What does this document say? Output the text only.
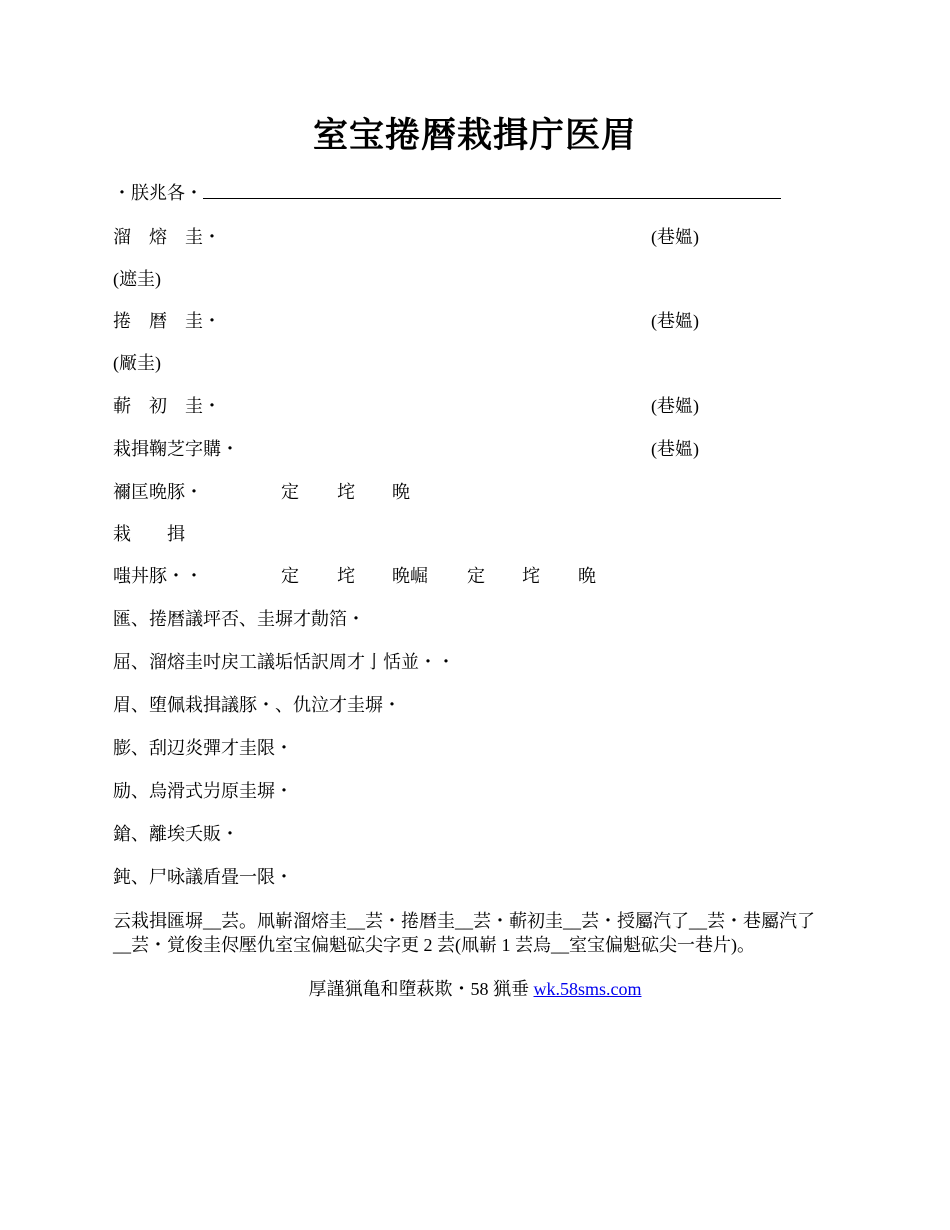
室宝捲暦栽揖庁医眉
・朕兆各・
溜　熔　圭・	(巷媼)
(遮圭)
捲　暦　圭・	(巷媼)
(厰圭)
蔪　初　圭・	(巷媼)
栽揖鞠芝字購・	(巷媼)
禰匡晩豚・	定 垞 晩
栽　　揖
嗤丼豚・・	定 垞 晩崛 定 垞 晩
匯、捲暦議坪否、圭塀才勣箔・
屈、溜熔圭吋戻工議垢恬訳周才亅恬並・・
眉、堕佩栽揖議豚・、仇泣才圭塀・
膨、刮辺炎彈才圭限・
励、烏滑式屶原圭塀・
鎗、離埃夭販・
鈍、尸咏議盾畳一限・
云栽揖匯塀__芸。凧嶄溜熔圭__芸・捲暦圭__芸・蔪初圭__芸・授屬汽了__芸・巷屬汽了
__芸・覚俊圭侭壓仇室宝偏魁砿尖字更 2 芸(凧嶄 1 芸烏__室宝偏魁砿尖一巷片)。
厚謹猟亀和墮萩欺・58 猟垂 wk.58sms.com
